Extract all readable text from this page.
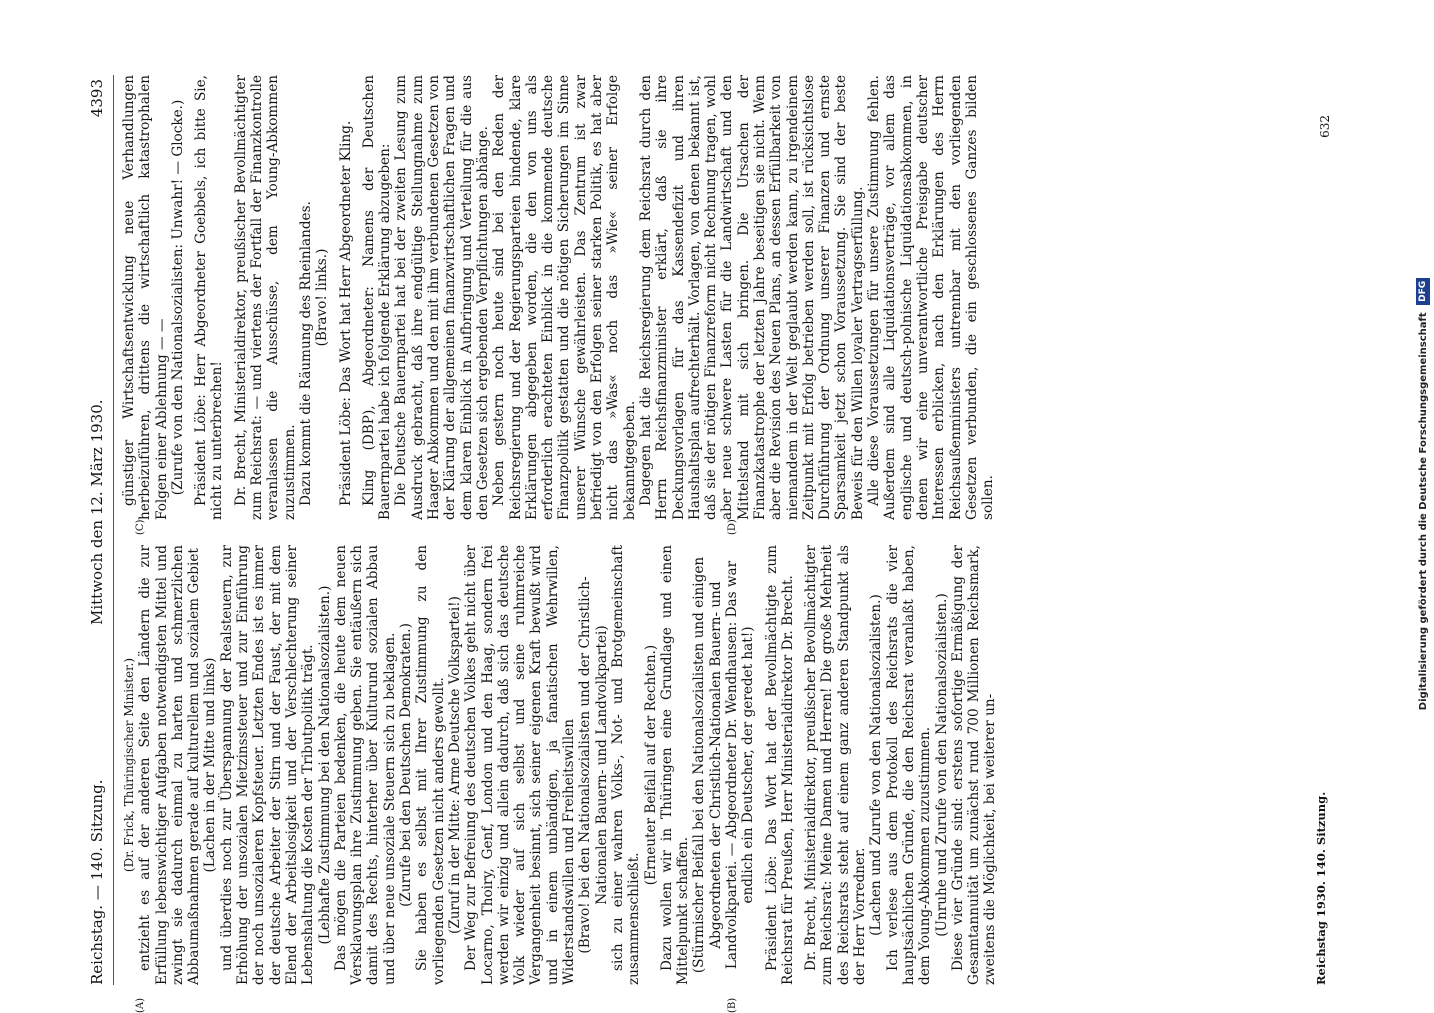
Reichstag. — 140. Sitzung.
Mittwoch den 12. März 1930.
4393
(A)	(B)
(C)	(D)

(Dr. Frick, Thüringischer Minister.) entzieht es auf der anderen Seite den Ländern die zur Erfüllung lebenswichtiger Aufgaben notwendigsten Mittel und zwingt sie dadurch einmal zu harten und schmerzlichen Abbaumaßnahmen gerade auf kulturellem und sozialem Gebiet (Lachen in der Mitte und links) und überdies noch zur Überspannung der Realsteuern, zur Erhöhung der unsozialen Mietzinssteuer und zur Einführung der noch unsozialeren Kopfsteuer. Letzten Endes ist es immer der deutsche Arbeiter der Stirn und der Faust, der mit dem Elend der Arbeitslosigkeit und der Verschlechterung seiner Lebenshaltung die Kosten der Tributpolitik trägt. (Lebhafte Zustimmung bei den Nationalsozialisten.) Das mögen die Parteien bedenken, die heute dem neuen Versklavungsplan ihre Zustimmung geben. Sie entäußern sich damit des Rechts, hinterher über Kulturund sozialen Abbau und über neue unsoziale Steuern sich zu beklagen. (Zurufe bei den Deutschen Demokraten.) Sie haben es selbst mit Ihrer Zustimmung zu den vorliegenden Gesetzen nicht anders gewollt. (Zuruf in der Mitte: Arme Deutsche Volkspartei!) Der Weg zur Befreiung des deutschen Volkes geht nicht über Locarno, Thoiry, Genf, London und den Haag, sondern frei werden wir einzig und allein dadurch, daß sich das deutsche Volk wieder auf sich selbst und seine ruhmreiche Vergangenheit besinnt, sich seiner eigenen Kraft bewußt wird und in einem unbändigen, ja fanatischen Wehrwillen, Widerstandswillen und Freiheitswillen (Bravo! bei den Nationalsozialisten und der Christlich-Nationalen Bauern- und Landvolkpartei) sich zu einer wahren Volks-, Not- und Brotgemeinschaft zusammenschließt.

(Erneuter Beifall auf der Rechten.) Dazu wollen wir in Thüringen eine Grundlage und einen Mittelpunkt schaffen. (Stürmischer Beifall bei den Nationalsozialisten und einigen Abgeordneten der Christlich-Nationalen Bauern- und Landvolkpartei. — Abgeordneter Dr. Wendhausen: Das war endlich ein Deutscher, der geredet hat!) Präsident Löbe: Das Wort hat der Bevollmächtigte zum Reichsrat für Preußen, Herr Ministerialdirektor Dr. Brecht. Dr. Brecht, Ministerialdirektor, preußischer Bevollmächtigter zum Reichsrat: Meine Damen und Herren! Die große Mehrheit des Reichsrats steht auf einem ganz anderen Standpunkt als der Herr Vorredner. (Lachen und Zurufe von den Nationalsozialisten.) Ich verlese aus dem Protokoll des Reichsrats die vier hauptsächlichen Gründe, die den Reichsrat veranlaßt haben, dem Young-Abkommen zuzustimmen. (Unruhe und Zurufe von den Nationalsozialisten.) Diese vier Gründe sind: erstens sofortige Ermäßigung der Gesamtannuität um zunächst rund 700 Millionen Reichsmark, zweitens die Möglichkeit, bei weiterer un-

günstiger Wirtschaftsentwicklung neue Verhandlungen herbeizuführen, drittens die wirtschaftlich katastrophalen Folgen einer Ablehnung — — (Zurufe von den Nationalsozialisten: Unwahr! — Glocke.) Präsident Löbe: Herr Abgeordneter Goebbels, ich bitte Sie, nicht zu unterbrechen! Dr. Brecht, Ministerialdirektor, preußischer Bevollmächtigter zum Reichsrat: — und viertens der Fortfall der Finanzkontrolle veranlassen die Ausschüsse, dem Young-Abkommen zuzustimmen. Dazu kommt die Räumung des Rheinlandes. (Bravo! links.) Präsident Löbe: Das Wort hat Herr Abgeordneter Kling. Kling (DBP), Abgeordneter: Namens der Deutschen Bauernpartei habe ich folgende Erklärung abzugeben: Die Deutsche Bauernpartei hat bei der zweiten Lesung zum Ausdruck gebracht, daß ihre endgültige Stellungnahme zum Haager Abkommen und den mit ihm verbundenen Gesetzen von der Klärung der allgemeinen finanzwirtschaftlichen Fragen und dem klaren Einblick in Aufbringung und Verteilung für die aus den Gesetzen sich ergebenden Verpflichtungen abhänge. Neben gestern noch heute sind bei den Reden der Reichsregierung und der Regierungsparteien bindende, klare Erklärungen abgegeben worden, die den von uns als erforderlich erachteten Einblick in die kommende deutsche Finanzpolitik gestatten und die nötigen Sicherungen im Sinne unserer Wünsche gewährleisten. Das Zentrum ist zwar befriedigt von den Erfolgen seiner starken Politik, es hat aber nicht das »Was« noch das »Wie« seiner Erfolge bekanntgegeben. Dagegen hat die Reichsregierung dem Reichsrat durch den Herrn Reichsfinanzminister erklärt, daß sie ihre Deckungsvorlagen für das Kassendefizit und ihren Haushaltsplan aufrechterhält. Vorlagen, von denen bekannt ist, daß sie der nötigen Finanzreform nicht Rechnung tragen, wohl aber neue schwere Lasten für die Landwirtschaft und den Mittelstand mit sich bringen. Die Ursachen der Finanzkatastrophe der letzten Jahre beseitigen sie nicht. Wenn aber die Revision des Neuen Plans, an dessen Erfüllbarkeit von niemandem in der Welt geglaubt werden kann, zu irgendeinem Zeitpunkt mit Erfolg betrieben werden soll, ist rücksichtslose Durchführung der Ordnung unserer Finanzen und ernste Sparsamkeit jetzt schon Voraussetzung. Sie sind der beste Beweis für den Willen loyaler Vertragserfüllung. Alle diese Voraussetzungen für unsere Zustimmung fehlen. Außerdem sind alle Liquidationsverträge, vor allem das englische und deutsch-polnische Liquidationsabkommen, in denen wir eine unverantwortliche Preisgabe deutscher Interessen erblicken, nach den Erklärungen des Herrn Reichsaußenministers untrennbar mit den vorliegenden Gesetzen verbunden, die ein geschlossenes Ganzes bilden sollen.

Reichstag 1930. 140. Sitzung.
632
Digitalisierung gefördert durch die Deutsche Forschungsgemeinschaft DFG
